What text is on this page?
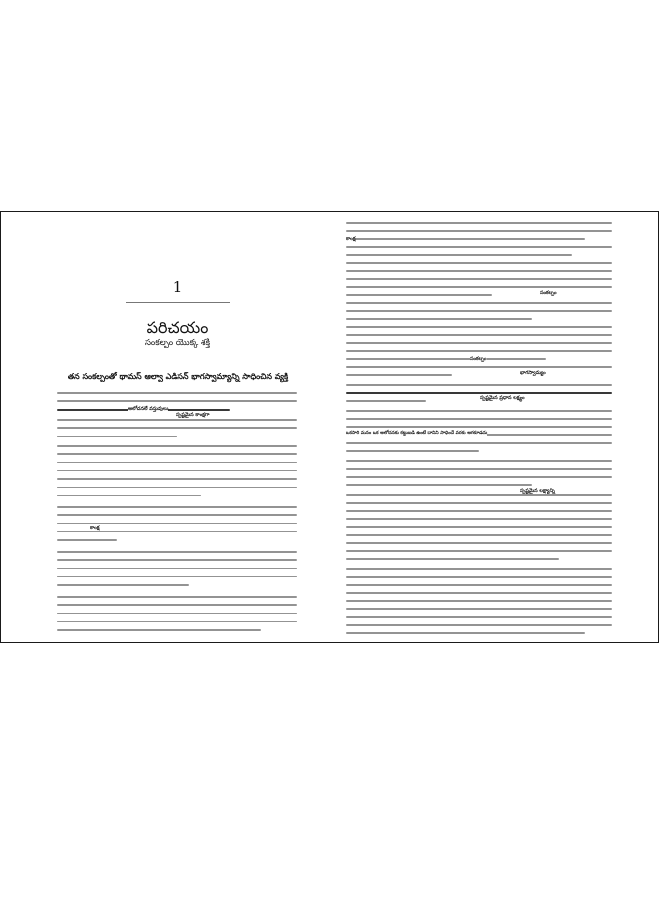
1
పరిచయం
సంకల్పం యొక్క శక్తి
తన సంకల్పంతో థామస్ ఆల్వా ఎడిసన్ భాగస్వామ్యాన్ని సాధించిన వ్యక్తి
కాంక్ష
సంకల్పం
సంకల్పం
భాగస్వామ్యం
స్పష్టమైన ప్రధాన లక్ష్యం
ఒకసారి మనం ఒక ఆలోచనకు కట్టుబడి ఉంటే దానిని సాధించే వరకు ఆగకూడదు
స్పష్టమైన లక్ష్యాన్ని
ఆలోచనలే వస్తువులు
స్పష్టమైన కాంక్షగా
కాంక్ష
